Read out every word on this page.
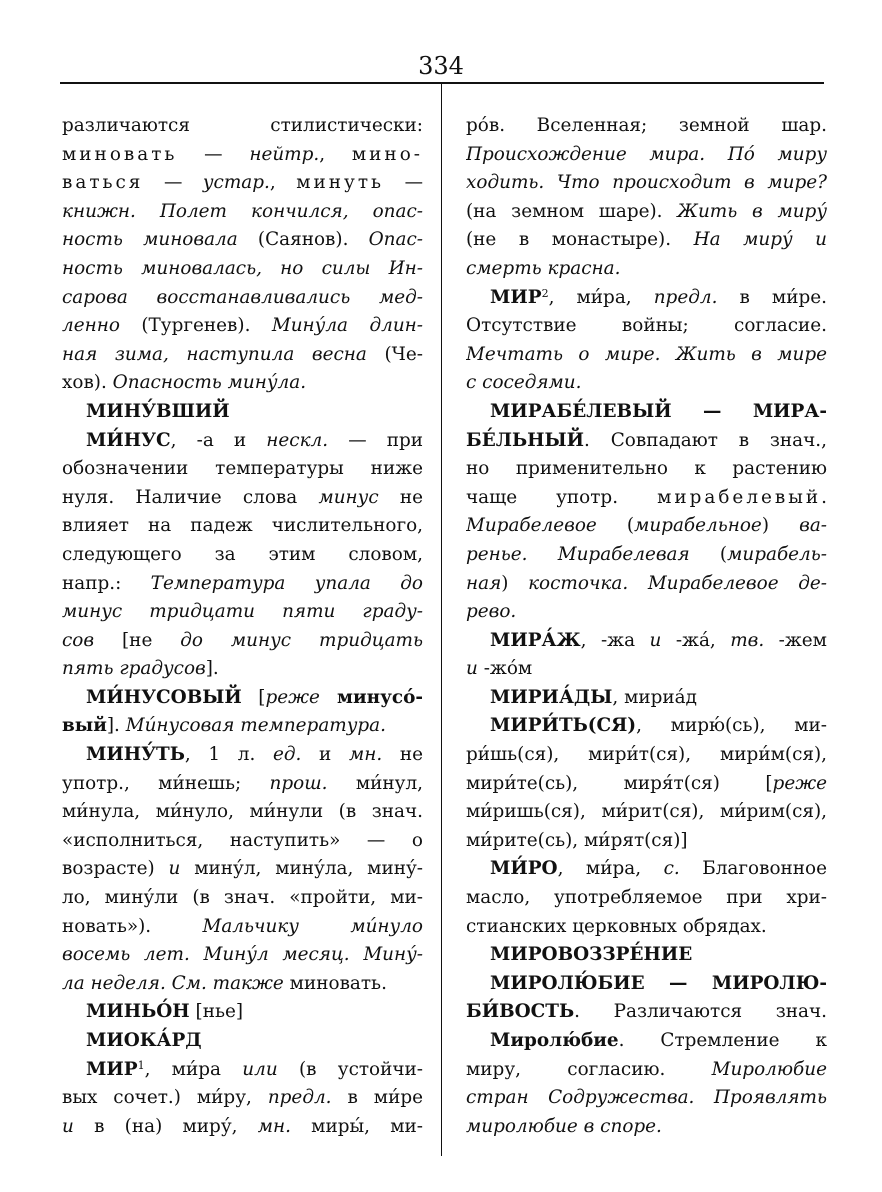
334
различаются стилистически:
миновать — нейтр., мино-
ваться — устар., минуть —
книжн. Полет кончился, опас-
ность миновала (Саянов). Опас-
ность миновалась, но силы Ин-
сарова восстанавливались мед-
ленно (Тургенев). Мину́ла длин-
ная зима, наступила весна (Че-
хов). Опасность мину́ла.
МИНУ́ВШИЙ
МИ́НУС, -а и нескл. — при
обозначении температуры ниже
нуля. Наличие слова минус не
влияет на падеж числительного,
следующего за этим словом,
напр.: Температура упала до
минус тридцати пяти граду-
сов [не до минус тридцать
пять градусов].
МИ́НУСОВЫЙ [реже минусо́-
вый]. Ми́нусовая температура.
МИНУ́ТЬ, 1 л. ед. и мн. не
употр., ми́нешь; прош. ми́нул,
ми́нула, ми́нуло, ми́нули (в знач.
«исполниться, наступить» — о
возрасте) и мину́л, мину́ла, мину́-
ло, мину́ли (в знач. «пройти, ми-
новать»). Мальчику ми́нуло
восемь лет. Мину́л месяц. Мину́-
ла неделя. См. также миновать.
МИНЬО́Н [нье]
МИОКА́РД
МИР$^1$, ми́ра или (в устойчи-
вых сочет.) ми́ру, предл. в ми́ре
и в (на) миру́, мн. миры́, ми-
ро́в. Вселенная; земной шар.
Происхождение мира. По́ миру
ходить. Что происходит в мире?
(на земном шаре). Жить в миру́
(не в монастыре). На миру́ и
смерть красна.
МИР$^2$, ми́ра, предл. в ми́ре.
Отсутствие войны; согласие.
Мечтать о мире. Жить в мире
с соседями.
МИРАБЕ́ЛЕВЫЙ — МИРА-
БЕ́ЛЬНЫЙ. Совпадают в знач.,
но применительно к растению
чаще употр. мирабелевый.
Мирабелевое (мирабельное) ва-
ренье. Мирабелевая (мирабель-
ная) косточка. Мирабелевое де-
рево.
МИРА́Ж, -жа и -жа́, тв. -жем
и -жо́м
МИРИА́ДЫ, мириа́д
МИРИ́ТЬ(СЯ), мирю́(сь), ми-
ри́шь(ся), мири́т(ся), мири́м(ся),
мири́те(сь), миря́т(ся) [реже
ми́ришь(ся), ми́рит(ся), ми́рим(ся),
ми́рите(сь), ми́рят(ся)]
МИ́РО, ми́ра, с. Благовонное
масло, употребляемое при хри-
стианских церковных обрядах.
МИРОВОЗЗРЕ́НИЕ
МИРОЛЮ́БИЕ — МИРОЛЮ-
БИ́ВОСТЬ. Различаются знач.
Миролю́бие. Стремление к
миру, согласию. Миролюбие
стран Содружества. Проявлять
миролюбие в споре.
